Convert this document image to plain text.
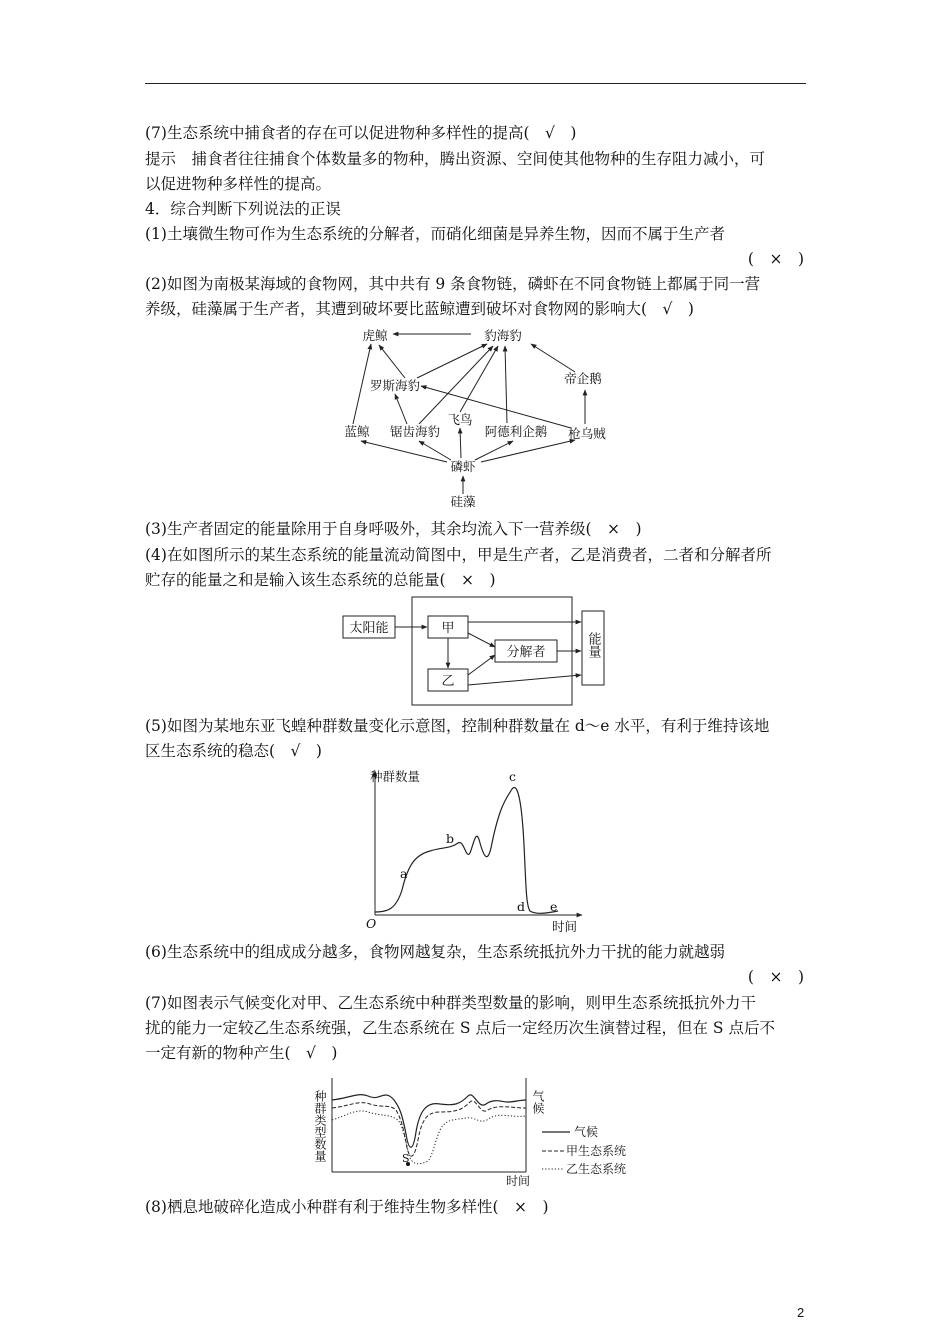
(7)生态系统中捕食者的存在可以促进物种多样性的提高(　√　)
提示　捕食者往往捕食个体数量多的物种，腾出资源、空间使其他物种的生存阻力减小，可
以促进物种多样性的提高。
4．综合判断下列说法的正误
(1)土壤微生物可作为生态系统的分解者，而硝化细菌是异养生物，因而不属于生产者
(　×　)
(2)如图为南极某海域的食物网，其中共有 9 条食物链，磷虾在不同食物链上都属于同一营
养级，硅藻属于生产者，其遭到破坏要比蓝鲸遭到破坏对食物网的影响大(　√　)
虎鲸	豹海豹
罗斯海豹	帝企鹅
飞鸟
蓝鲸 锯齿海豹	阿德利企鹅 枪乌贼
磷虾
硅藻
(3)生产者固定的能量除用于自身呼吸外，其余均流入下一营养级(　×　)
(4)在如图所示的某生态系统的能量流动简图中，甲是生产者，乙是消费者，二者和分解者所
贮存的能量之和是输入该生态系统的总能量(　×　)
太阳能	甲
乙
分解者	能量
(5)如图为某地东亚飞蝗种群数量变化示意图，控制种群数量在 d～e 水平，有利于维持该地
区生态系统的稳态(　√　)
种群数量
时间
O
a
b
c
d e
(6)生态系统中的组成成分越多，食物网越复杂，生态系统抵抗外力干扰的能力就越弱
(　×　)
(7)如图表示气候变化对甲、乙生态系统中种群类型数量的影响，则甲生态系统抵抗外力干
扰的能力一定较乙生态系统强，乙生态系统在 S 点后一定经历次生演替过程，但在 S 点后不
一定有新的物种产生(　√　)
种群类型数量	气候
时间
S
气候
甲生态系统
乙生态系统
(8)栖息地破碎化造成小种群有利于维持生物多样性(　×　)
2
